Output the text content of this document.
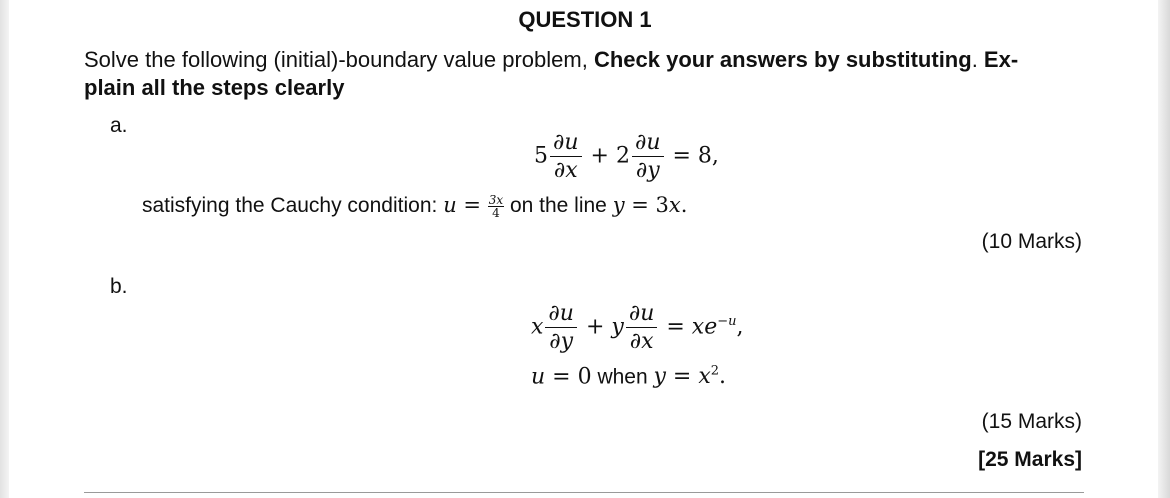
QUESTION 1
Solve the following (initial)-boundary value problem, Check your answers by substituting. Ex-
plain all the steps clearly
a.
$5 \frac{\partial u}{\partial x} + 2 \frac{\partial u}{\partial y} = 8$,
satisfying the Cauchy condition: $u = \frac{3x}{4}$ on the line y = 3x.
(10 Marks)
b.
x $\frac{\partial u}{\partial y} + y \frac{\partial u}{\partial x} = xe^{-u}$,
u = 0 when $y = x^2$.
(15 Marks)
[25 Marks]
